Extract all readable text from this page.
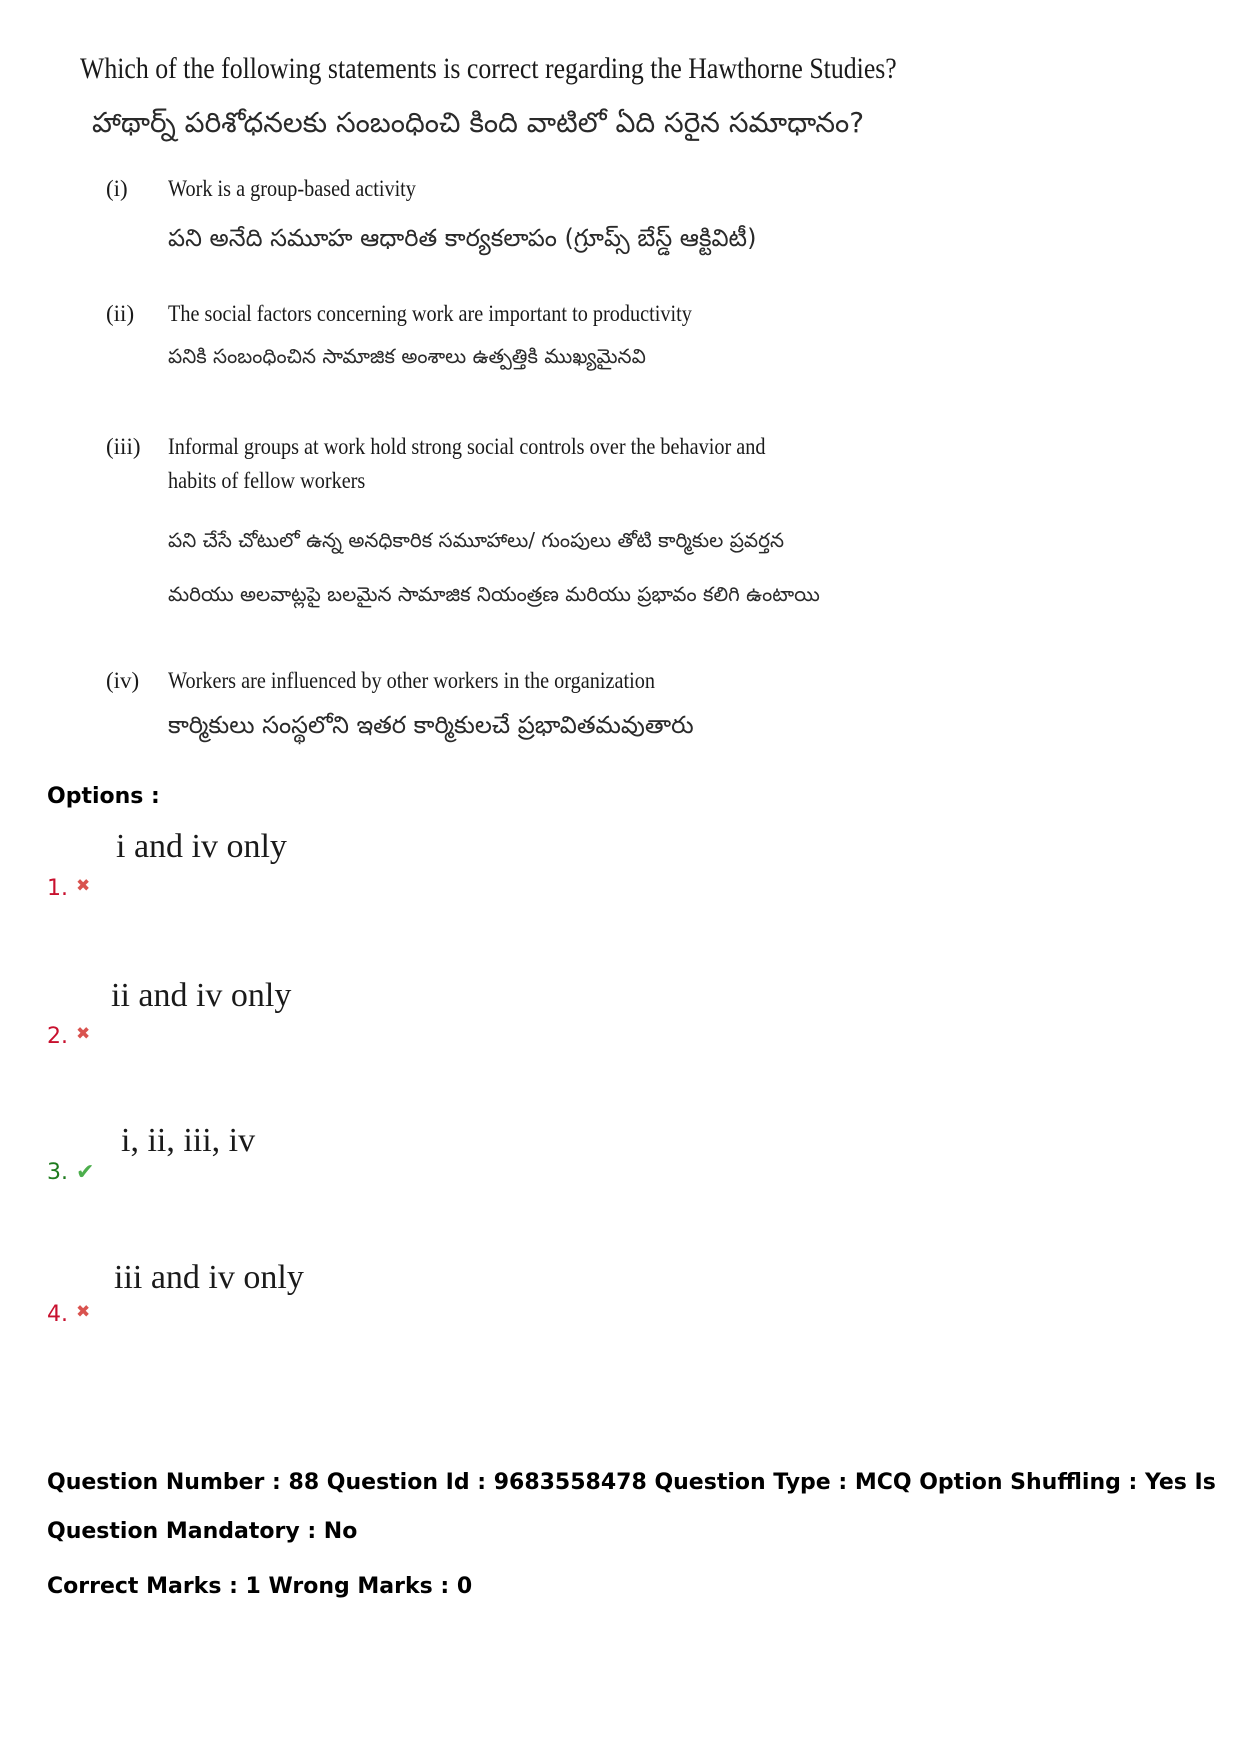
Which of the following statements is correct regarding the Hawthorne Studies?
హాథార్న్ పరిశోధనలకు సంబంధించి కింది వాటిలో ఏది సరైన సమాధానం?
(i) Work is a group-based activity
పని అనేది సమూహ ఆధారిత కార్యకలాపం (గ్రూప్స్ బేస్డ్ ఆక్టివిటీ)
(ii) The social factors concerning work are important to productivity
పనికి సంబంధించిన సామాజిక అంశాలు ఉత్పత్తికి ముఖ్యమైనవి
(iii) Informal groups at work hold strong social controls over the behavior and
habits of fellow workers
పని చేసే చోటులో ఉన్న అనధికారిక సమూహాలు/ గుంపులు తోటి కార్మికుల ప్రవర్తన
మరియు అలవాట్లపై బలమైన సామాజిక నియంత్రణ మరియు ప్రభావం కలిగి ఉంటాయి
(iv) Workers are influenced by other workers in the organization
కార్మికులు సంస్థలోని ఇతర కార్మికులచే ప్రభావితమవుతారు
Options :
i and iv only
1. ✖
ii and iv only
2. ✖
i, ii, iii, iv
3. ✔
iii and iv only
4. ✖
Question Number : 88 Question Id : 9683558478 Question Type : MCQ Option Shuffling : Yes Is
Question Mandatory : No
Correct Marks : 1 Wrong Marks : 0
